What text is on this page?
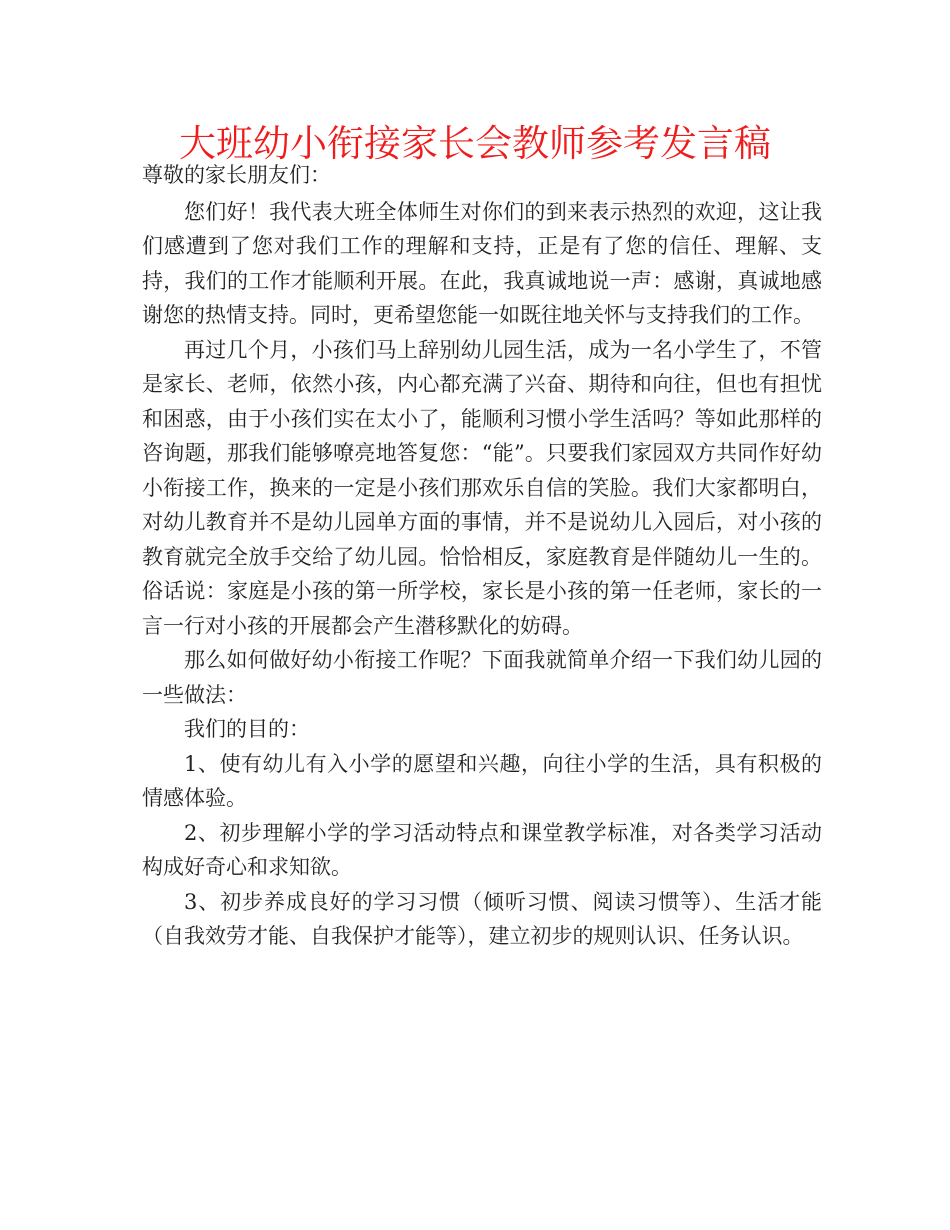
大班幼小衔接家长会教师参考发言稿

尊敬的家长朋友们：

您们好！我代表大班全体师生对你们的到来表示热烈的欢迎，这让我们感遭到了您对我们工作的理解和支持，正是有了您的信任、理解、支持，我们的工作才能顺利开展。在此，我真诚地说一声：感谢，真诚地感谢您的热情支持。同时，更希望您能一如既往地关怀与支持我们的工作。

再过几个月，小孩们马上辞别幼儿园生活，成为一名小学生了，不管是家长、老师，依然小孩，内心都充满了兴奋、期待和向往，但也有担忧和困惑，由于小孩们实在太小了，能顺利习惯小学生活吗？等如此那样的咨询题，那我们能够嘹亮地答复您：“能”。只要我们家园双方共同作好幼小衔接工作，换来的一定是小孩们那欢乐自信的笑脸。我们大家都明白，对幼儿教育并不是幼儿园单方面的事情，并不是说幼儿入园后，对小孩的教育就完全放手交给了幼儿园。恰恰相反，家庭教育是伴随幼儿一生的。俗话说：家庭是小孩的第一所学校，家长是小孩的第一任老师，家长的一言一行对小孩的开展都会产生潜移默化的妨碍。

那么如何做好幼小衔接工作呢？下面我就简单介绍一下我们幼儿园的一些做法：

我们的目的：

1、使有幼儿有入小学的愿望和兴趣，向往小学的生活，具有积极的情感体验。

2、初步理解小学的学习活动特点和课堂教学标准，对各类学习活动构成好奇心和求知欲。

3、初步养成良好的学习习惯（倾听习惯、阅读习惯等）、生活才能（自我效劳才能、自我保护才能等），建立初步的规则认识、任务认识。
